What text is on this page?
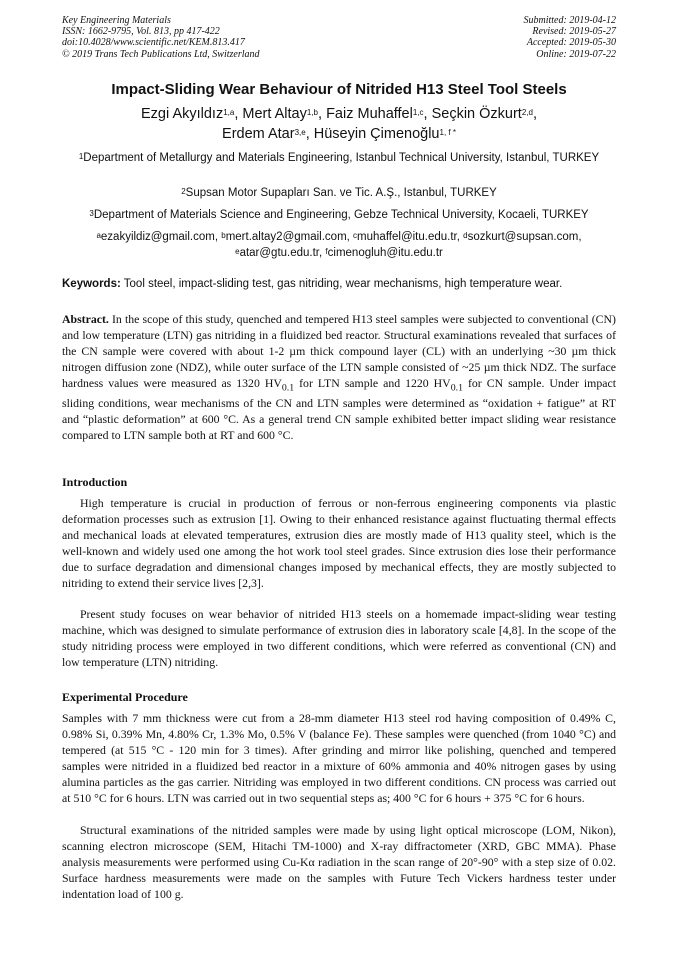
Key Engineering Materials
ISSN: 1662-9795, Vol. 813, pp 417-422
doi:10.4028/www.scientific.net/KEM.813.417
© 2019 Trans Tech Publications Ltd, Switzerland
Submitted: 2019-04-12
Revised: 2019-05-27
Accepted: 2019-05-30
Online: 2019-07-22
Impact-Sliding Wear Behaviour of Nitrided H13 Steel Tool Steels
Ezgi Akyıldız$^{1,a}$, Mert Altay$^{1,b}$, Faiz Muhaffel$^{1,c}$, Seçkin Özkurt$^{2,d}$,
Erdem Atar$^{3,e}$, Hüseyin Çimenoğlu$^{1, f *}$
$^1$Department of Metallurgy and Materials Engineering, Istanbul Technical University, Istanbul, TURKEY
$^2$Supsan Motor Supapları San. ve Tic. A.Ş., Istanbul, TURKEY
$^3$Department of Materials Science and Engineering, Gebze Technical University, Kocaeli, TURKEY
$^a$ezakyildiz@gmail.com, $^b$mert.altay2@gmail.com, $^c$muhaffel@itu.edu.tr, $^d$sozkurt@supsan.com,
$^e$atar@gtu.edu.tr, $^f$cimenogluh@itu.edu.tr
Keywords: Tool steel, impact-sliding test, gas nitriding, wear mechanisms, high temperature wear.
Abstract. In the scope of this study, quenched and tempered H13 steel samples were subjected to conventional (CN) and low temperature (LTN) gas nitriding in a fluidized bed reactor. Structural examinations revealed that surfaces of the CN sample were covered with about 1-2 µm thick compound layer (CL) with an underlying ~30 µm thick nitrogen diffusion zone (NDZ), while outer surface of the LTN sample consisted of ~25 µm thick NDZ. The surface hardness values were measured as 1320 $HV_{0.1}$ for LTN sample and 1220 $HV_{0.1}$ for CN sample. Under impact sliding conditions, wear mechanisms of the CN and LTN samples were determined as “oxidation + fatigue” at RT and “plastic deformation” at 600 °C. As a general trend CN sample exhibited better impact sliding wear resistance compared to LTN sample both at RT and 600 °C.
Introduction
High temperature is crucial in production of ferrous or non-ferrous engineering components via plastic deformation processes such as extrusion [1]. Owing to their enhanced resistance against fluctuating thermal effects and mechanical loads at elevated temperatures, extrusion dies are mostly made of H13 quality steel, which is the well-known and widely used one among the hot work tool steel grades. Since extrusion dies lose their performance due to surface degradation and dimensional changes imposed by mechanical effects, they are mostly subjected to nitriding to extend their service lives [2,3].
Present study focuses on wear behavior of nitrided H13 steels on a homemade impact-sliding wear testing machine, which was designed to simulate performance of extrusion dies in laboratory scale [4,8]. In the scope of the study nitriding process were employed in two different conditions, which were referred as conventional (CN) and low temperature (LTN) nitriding.
Experimental Procedure
Samples with 7 mm thickness were cut from a 28-mm diameter H13 steel rod having composition of 0.49% C, 0.98% Si, 0.39% Mn, 4.80% Cr, 1.3% Mo, 0.5% V (balance Fe). These samples were quenched (from 1040 °C) and tempered (at 515 °C - 120 min for 3 times). After grinding and mirror like polishing, quenched and tempered samples were nitrided in a fluidized bed reactor in a mixture of 60% ammonia and 40% nitrogen gases by using alumina particles as the gas carrier. Nitriding was employed in two different conditions. CN process was carried out at 510 °C for 6 hours. LTN was carried out in two sequential steps as; 400 °C for 6 hours + 375 °C for 6 hours.
Structural examinations of the nitrided samples were made by using light optical microscope (LOM, Nikon), scanning electron microscope (SEM, Hitachi TM-1000) and X-ray diffractometer (XRD, GBC MMA). Phase analysis measurements were performed using Cu-Kα radiation in the scan range of 20°-90° with a step size of 0.02. Surface hardness measurements were made on the samples with Future Tech Vickers hardness tester under indentation load of 100 g.
